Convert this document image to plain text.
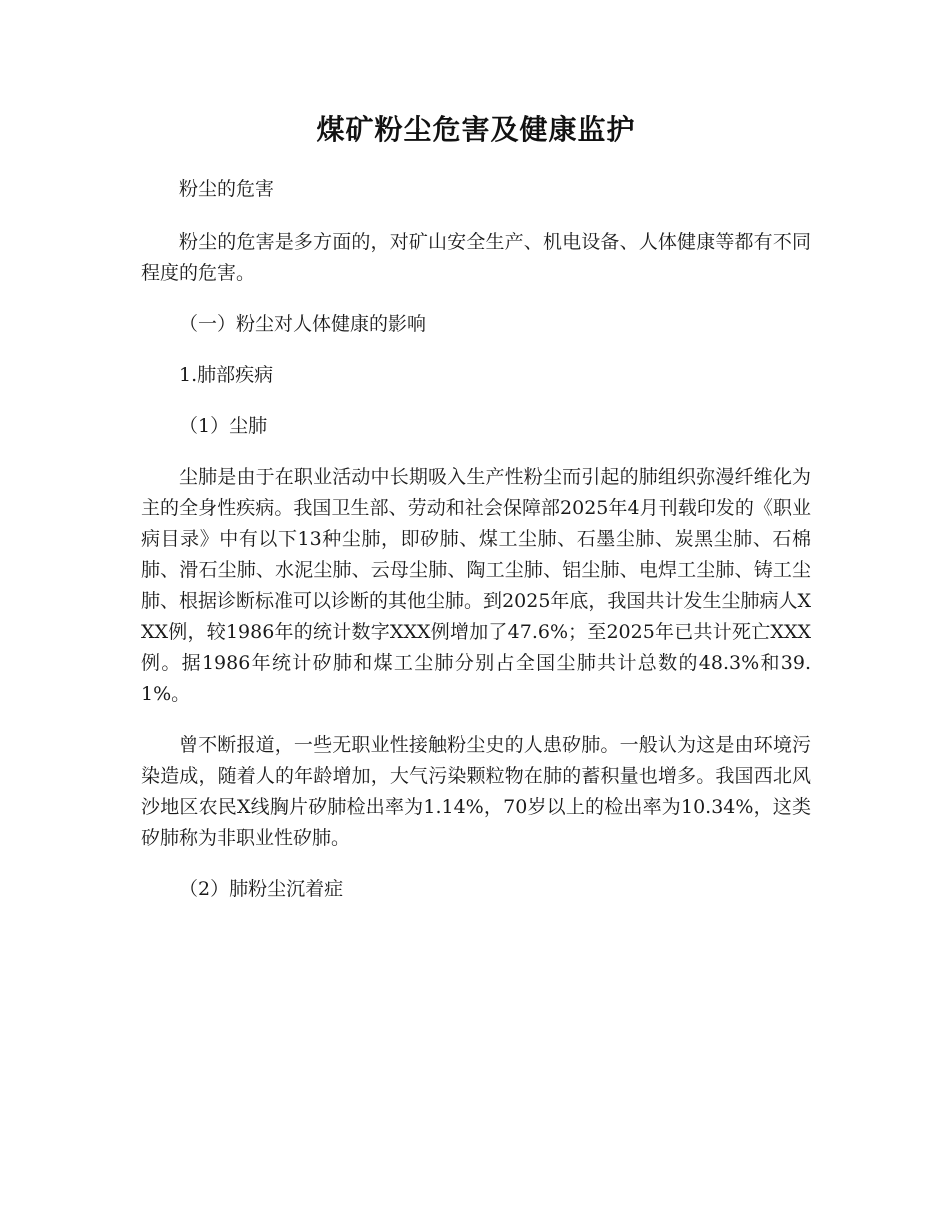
煤矿粉尘危害及健康监护

粉尘的危害

粉尘的危害是多方面的，对矿山安全生产、机电设备、人体健康等都有不同程度的危害。

（一）粉尘对人体健康的影响

1.肺部疾病

（1）尘肺

尘肺是由于在职业活动中长期吸入生产性粉尘而引起的肺组织弥漫纤维化为主的全身性疾病。我国卫生部、劳动和社会保障部2025年4月刊载印发的《职业病目录》中有以下13种尘肺，即矽肺、煤工尘肺、石墨尘肺、炭黑尘肺、石棉肺、滑石尘肺、水泥尘肺、云母尘肺、陶工尘肺、铝尘肺、电焊工尘肺、铸工尘肺、根据诊断标准可以诊断的其他尘肺。到2025年底，我国共计发生尘肺病人XXX例，较1986年的统计数字XXX例增加了47.6%；至2025年已共计死亡XXX例。据1986年统计矽肺和煤工尘肺分别占全国尘肺共计总数的48.3%和39.1%。

曾不断报道，一些无职业性接触粉尘史的人患矽肺。一般认为这是由环境污染造成，随着人的年龄增加，大气污染颗粒物在肺的蓄积量也增多。我国西北风沙地区农民X线胸片矽肺检出率为1.14%，70岁以上的检出率为10.34%，这类矽肺称为非职业性矽肺。

（2）肺粉尘沉着症
